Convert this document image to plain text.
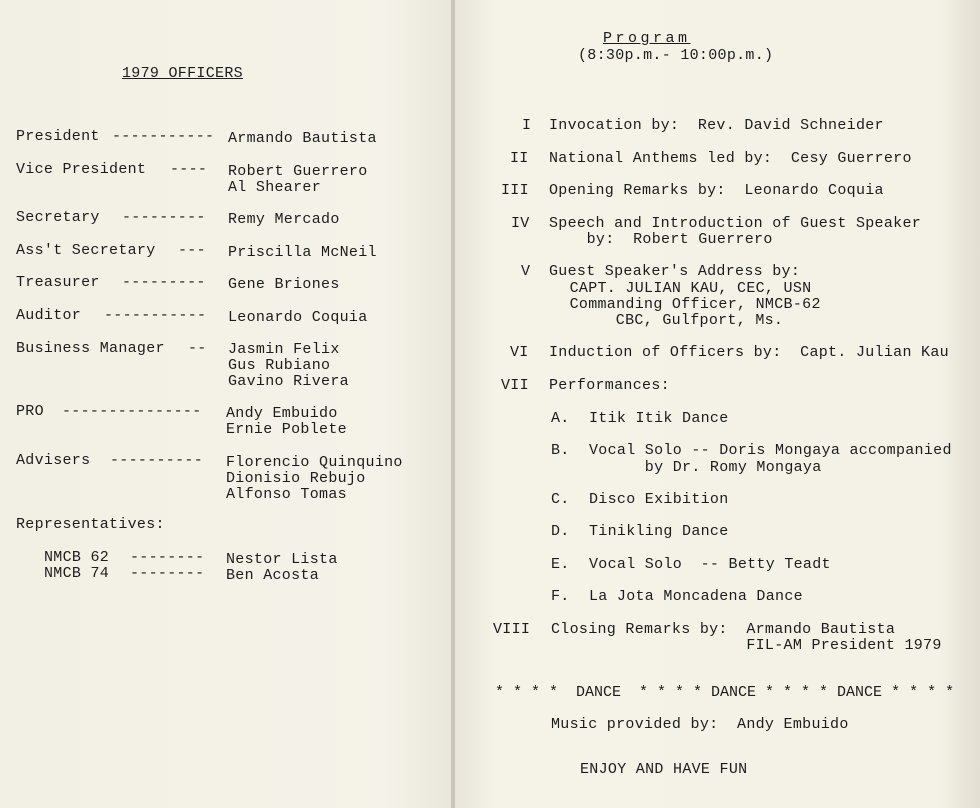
1979 OFFICERS
President ----------- Armando Bautista
Vice President ---- Robert Guerrero
Al Shearer
Secretary --------- Remy Mercado
Ass't Secretary --- Priscilla McNeil
Treasurer --------- Gene Briones
Auditor ----------- Leonardo Coquia
Business Manager -- Jasmin Felix
Gus Rubiano
Gavino Rivera
PRO --------------- Andy Embuido
Ernie Poblete
Advisers ---------- Florencio Quinquino
Dionisio Rebujo
Alfonso Tomas
Representatives:
NMCB 62 -------- Nestor Lista
NMCB 74 -------- Ben Acosta
Program
(8:30p.m.- 10:00p.m.)
I Invocation by:  Rev. David Schneider
II National Anthems led by:  Cesy Guerrero
III Opening Remarks by:  Leonardo Coquia
IV Speech and Introduction of Guest Speaker
by:  Robert Guerrero
V Guest Speaker's Address by:
CAPT. JULIAN KAU, CEC, USN
Commanding Officer, NMCB-62
CBC, Gulfport, Ms.
VI Induction of Officers by:  Capt. Julian Kau
VII Performances:
A. Itik Itik Dance
B. Vocal Solo -- Doris Mongaya accompanied
by Dr. Romy Mongaya
C. Disco Exibition
D. Tinikling Dance
E. Vocal Solo  -- Betty Teadt
F. La Jota Moncadena Dance
VIII Closing Remarks by:  Armando Bautista
FIL-AM President 1979
* * * *  DANCE  * * * * DANCE * * * * DANCE * * * *
Music provided by:  Andy Embuido
ENJOY AND HAVE FUN
